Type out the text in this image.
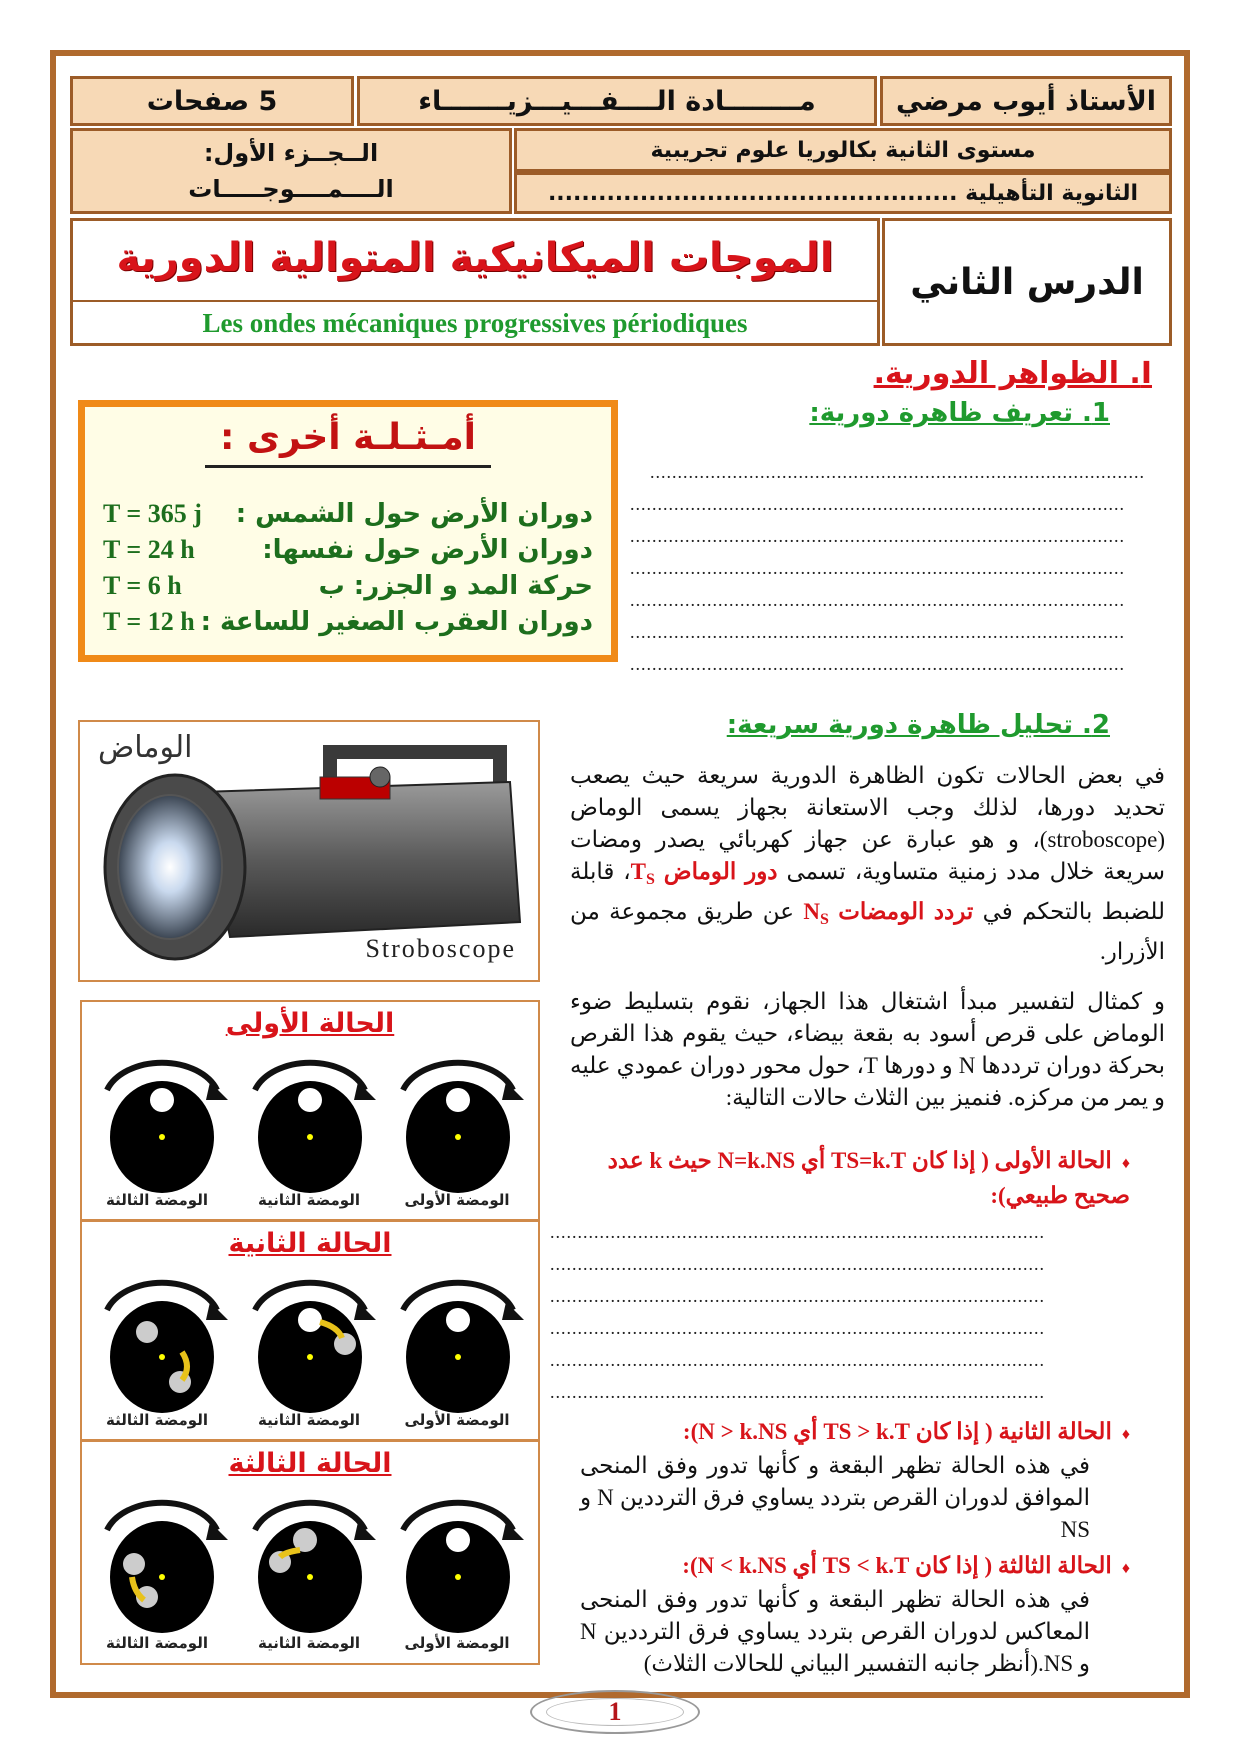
الأستاذ أيوب مرضي
مــــــــادة الــــفـــيـــزيـــــــاء
5 صفحات
مستوى الثانية بكالوريا علوم تجريبية
الثانوية التأهيلية .................................................
الــجــزء الأول:
الــــمــــوجـــــات
الموجات الميكانيكية المتوالية الدورية
Les ondes mécaniques progressives périodiques
الدرس الثاني
I. الظواهر الدورية.
1. تعريف ظاهرة دورية:
أمـثـلـة أخرى :
T = 365 j دوران الأرض حول الشمس :
T = 24 h	دوران الأرض حول نفسها:
T = 6 h	حركة المد و الجزر: ب
T = 12 h دوران العقرب الصغير للساعة :
..........................................................................................
..........................................................................................
..........................................................................................
..........................................................................................
..........................................................................................
..........................................................................................
..........................................................................................
الوماض
Stroboscope
الحالة الأولى
الومضة الثالثة	الومضة الثانية	الومضة الأولى
الحالة الثانية
الومضة الثالثة	الومضة الثانية	الومضة الأولى
الحالة الثالثة
الومضة الثالثة	الومضة الثانية	الومضة الأولى
2. تحليل ظاهرة دورية سريعة:
في بعض الحالات تكون الظاهرة الدورية سريعة حيث يصعب تحديد دورها، لذلك وجب الاستعانة بجهاز يسمى الوماض (stroboscope)، و هو عبارة عن جهاز كهربائي يصدر ومضات سريعة خلال مدد زمنية متساوية، تسمى دور الوماض $T_S،$ قابلة للضبط بالتحكم في تردد الومضات $N_S$ عن طريق مجموعة من الأزرار.
و كمثال لتفسير مبدأ اشتغال هذا الجهاز، نقوم بتسليط ضوء الوماض على قرص أسود به بقعة بيضاء، حيث يقوم هذا القرص بحركة دوران ترددها N و دورها T، حول محور دوران عمودي عليه و يمر من مركزه. فنميز بين الثلاث حالات التالية:
♦الحالة الأولى ( إذا كان TS=k.T أي N=k.NS حيث k عدد صحيح طبيعي):
..........................................................................................
..........................................................................................
..........................................................................................
..........................................................................................
..........................................................................................
..........................................................................................
♦الحالة الثانية ( إذا كان TS > k.T أي N > k.NS):
في هذه الحالة تظهر البقعة و كأنها تدور وفق المنحى الموافق لدوران القرص بتردد يساوي فرق الترددين N و NS
♦الحالة الثالثة ( إذا كان TS < k.T أي N < k.NS):
في هذه الحالة تظهر البقعة و كأنها تدور وفق المنحى المعاكس لدوران القرص بتردد يساوي فرق الترددين N و NS.(أنظر جانبه التفسير البياني للحالات الثلاث)
1
